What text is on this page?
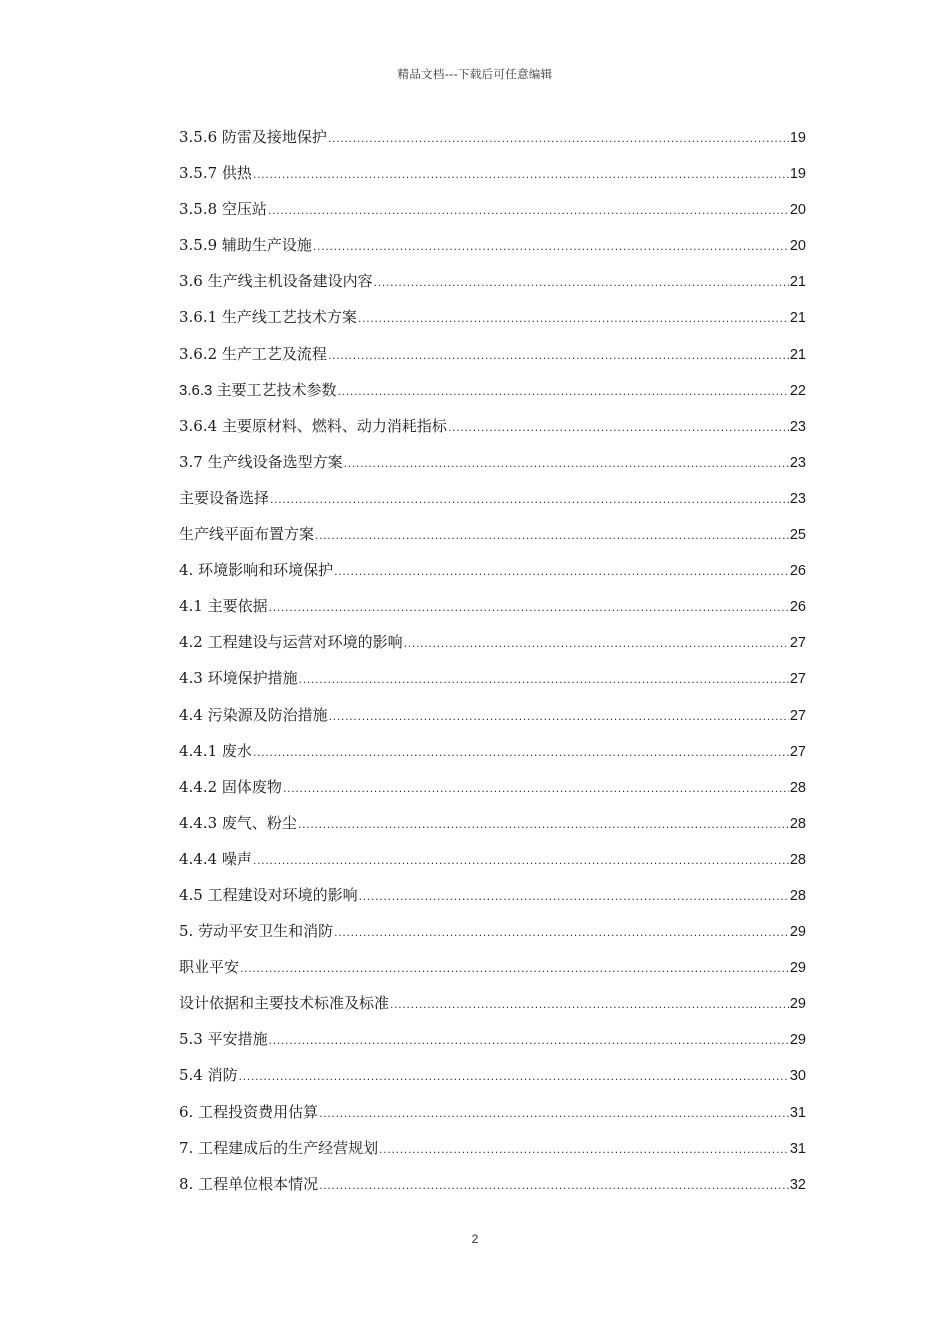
精品文档---下载后可任意编辑
3.5.6 防雷及接地保护 .....	19
3.5.7 供热 .....	19
3.5.8 空压站 .....	20
3.5.9 辅助生产设施 .....	20
3.6 生产线主机设备建设内容 .....	21
3.6.1 生产线工艺技术方案 .....	21
3.6.2 生产工艺及流程 .....	21
3.6.3 主要工艺技术参数 .....	22
3.6.4 主要原材料、燃料、动力消耗指标 .....	23
3.7 生产线设备选型方案 .....	23
主要设备选择 .....	23
生产线平面布置方案 .....	25
4. 环境影响和环境保护 .....	26
4.1 主要依据 .....	26
4.2 工程建设与运营对环境的影响 .....	27
4.3 环境保护措施 .....	27
4.4 污染源及防治措施 .....	27
4.4.1 废水 .....	27
4.4.2 固体废物 .....	28
4.4.3 废气、粉尘 .....	28
4.4.4 噪声 .....	28
4.5 工程建设对环境的影响 .....	28
5. 劳动平安卫生和消防 .....	29
职业平安 .....	29
设计依据和主要技术标准及标准 .....	29
5.3 平安措施 .....	29
5.4 消防 .....	30
6. 工程投资费用估算 .....	31
7. 工程建成后的生产经营规划 .....	31
8. 工程单位根本情况 .....	32
2
